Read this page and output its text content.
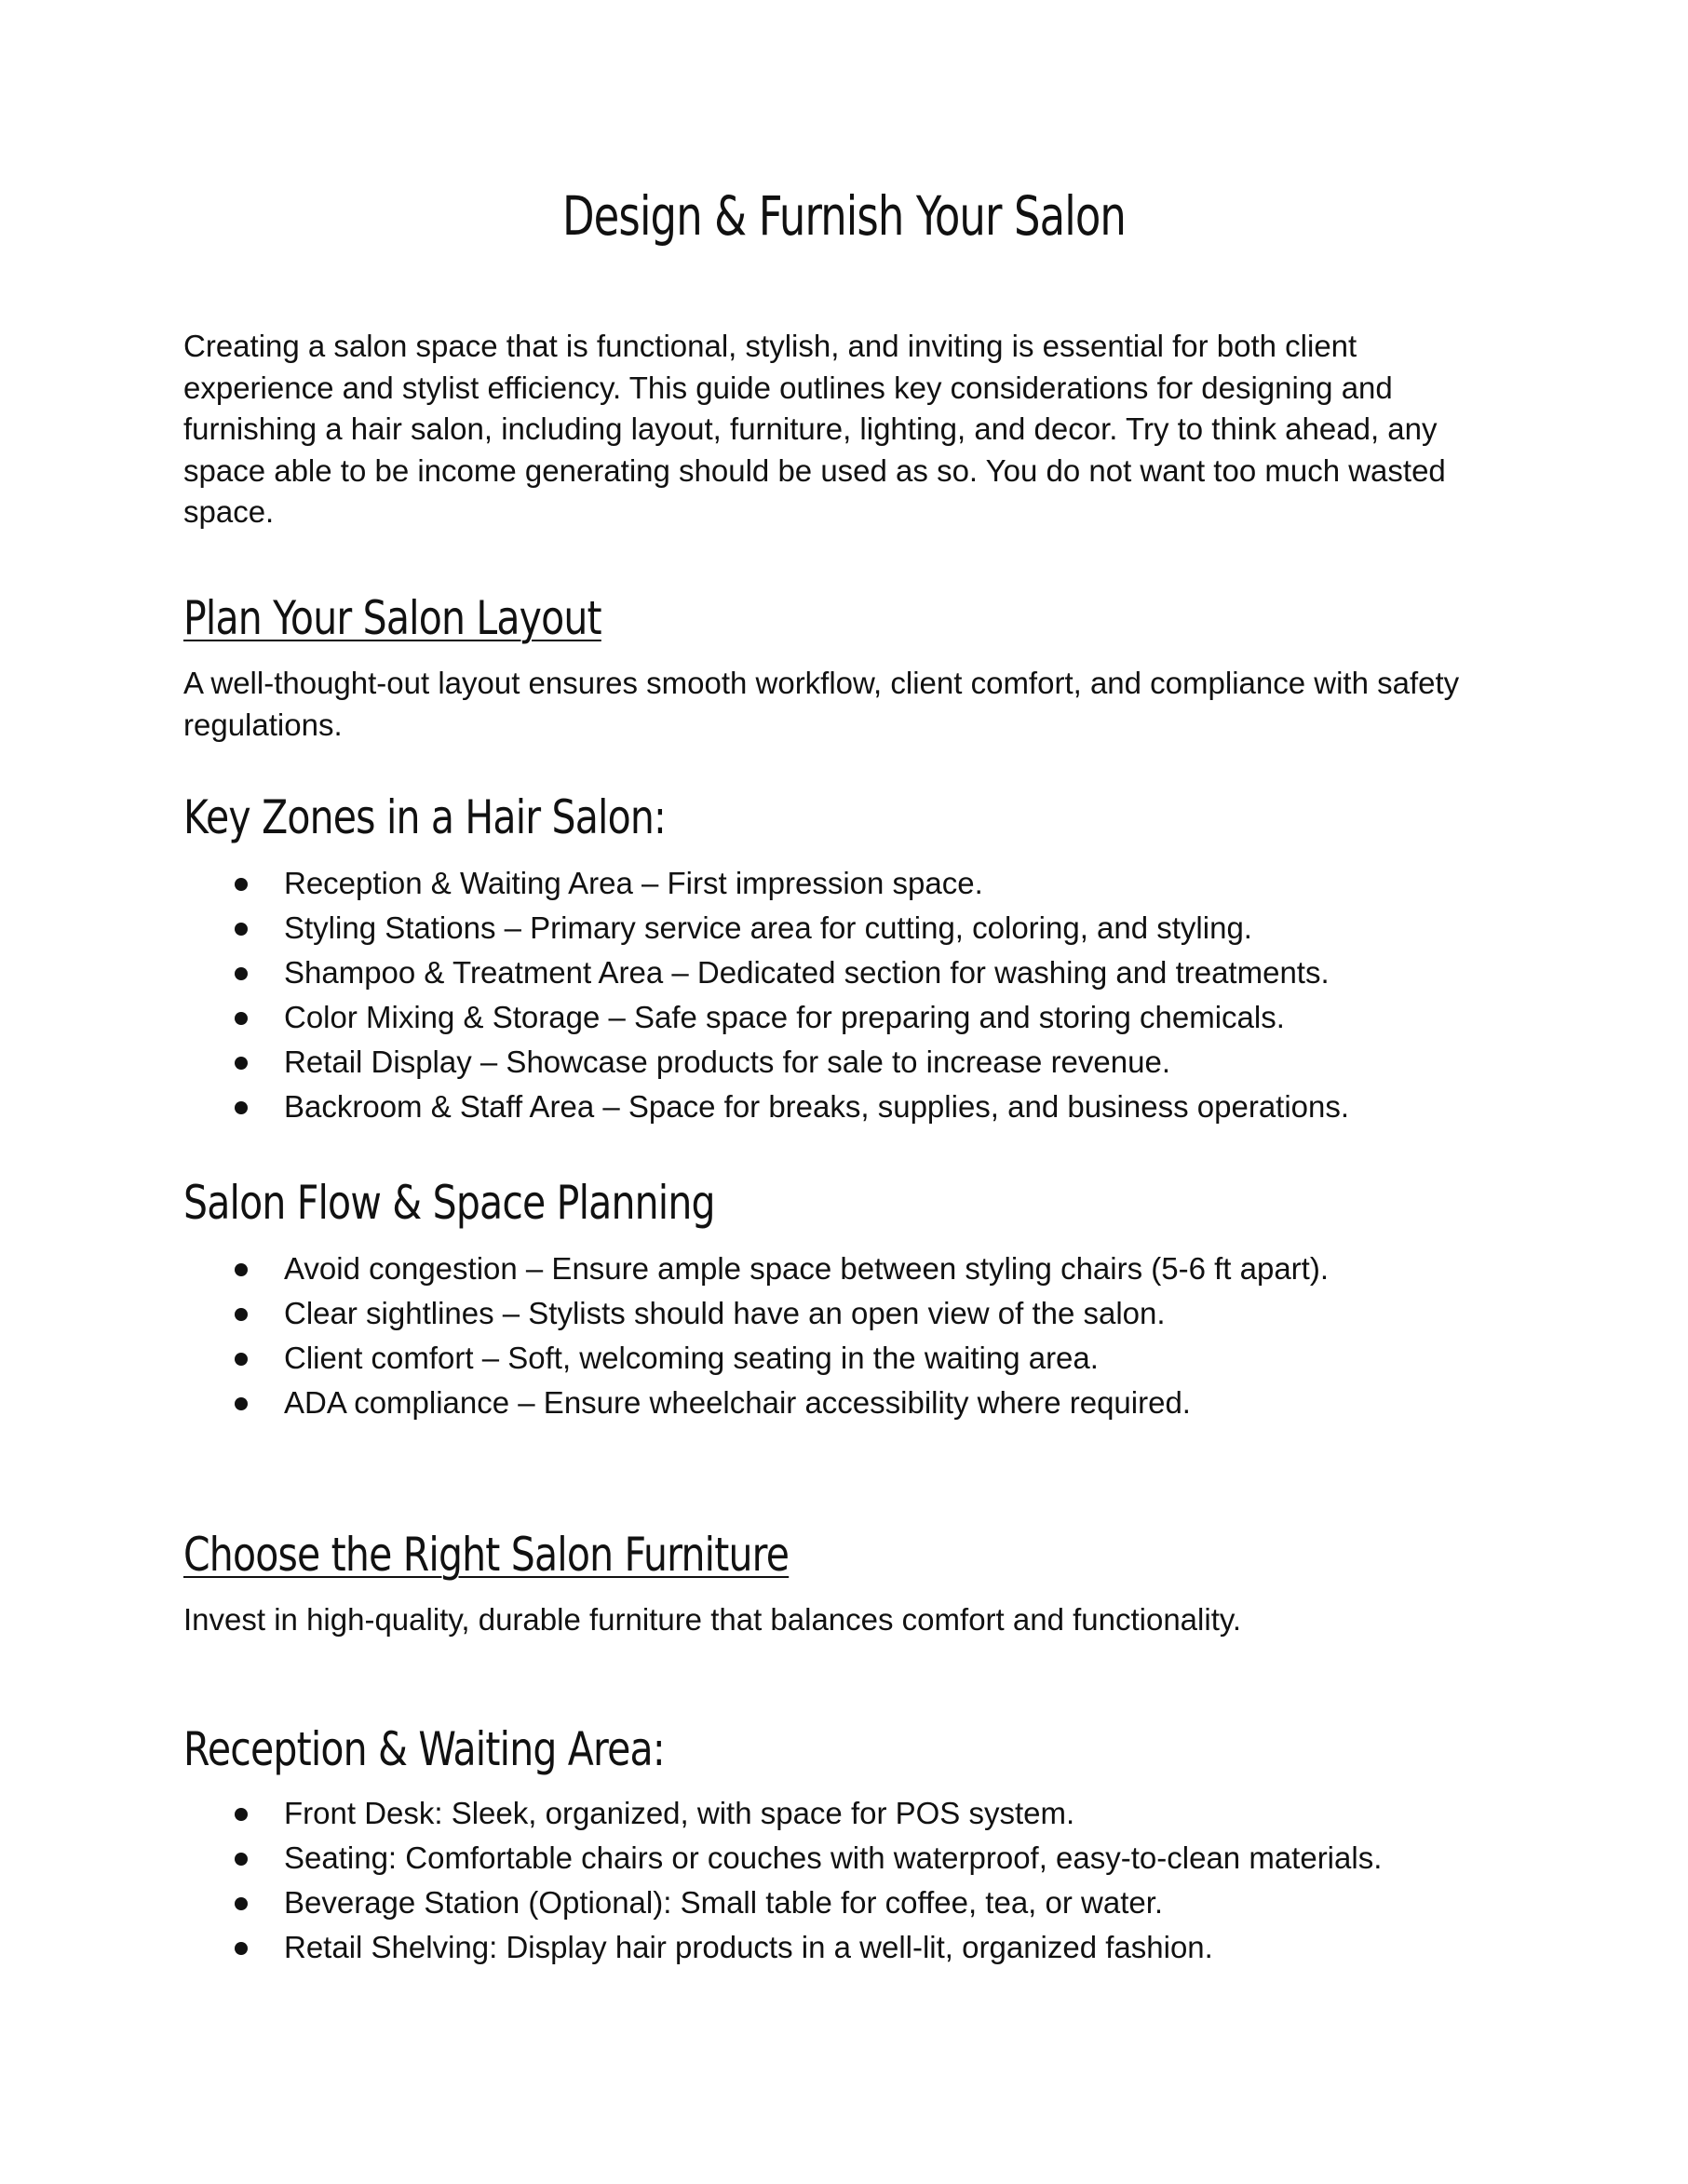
Design & Furnish Your Salon

Creating a salon space that is functional, stylish, and inviting is essential for both client experience and stylist efficiency. This guide outlines key considerations for designing and furnishing a hair salon, including layout, furniture, lighting, and decor. Try to think ahead, any space able to be income generating should be used as so. You do not want too much wasted space.

Plan Your Salon Layout

A well-thought-out layout ensures smooth workflow, client comfort, and compliance with safety regulations.

Key Zones in a Hair Salon:
Reception & Waiting Area – First impression space.
Styling Stations – Primary service area for cutting, coloring, and styling.
Shampoo & Treatment Area – Dedicated section for washing and treatments.
Color Mixing & Storage – Safe space for preparing and storing chemicals.
Retail Display – Showcase products for sale to increase revenue.
Backroom & Staff Area – Space for breaks, supplies, and business operations.
Salon Flow & Space Planning
Avoid congestion – Ensure ample space between styling chairs (5-6 ft apart).
Clear sightlines – Stylists should have an open view of the salon.
Client comfort – Soft, welcoming seating in the waiting area.
ADA compliance – Ensure wheelchair accessibility where required.
Choose the Right Salon Furniture

Invest in high-quality, durable furniture that balances comfort and functionality.

Reception & Waiting Area:
Front Desk: Sleek, organized, with space for POS system.
Seating: Comfortable chairs or couches with waterproof, easy-to-clean materials.
Beverage Station (Optional): Small table for coffee, tea, or water.
Retail Shelving: Display hair products in a well-lit, organized fashion.
